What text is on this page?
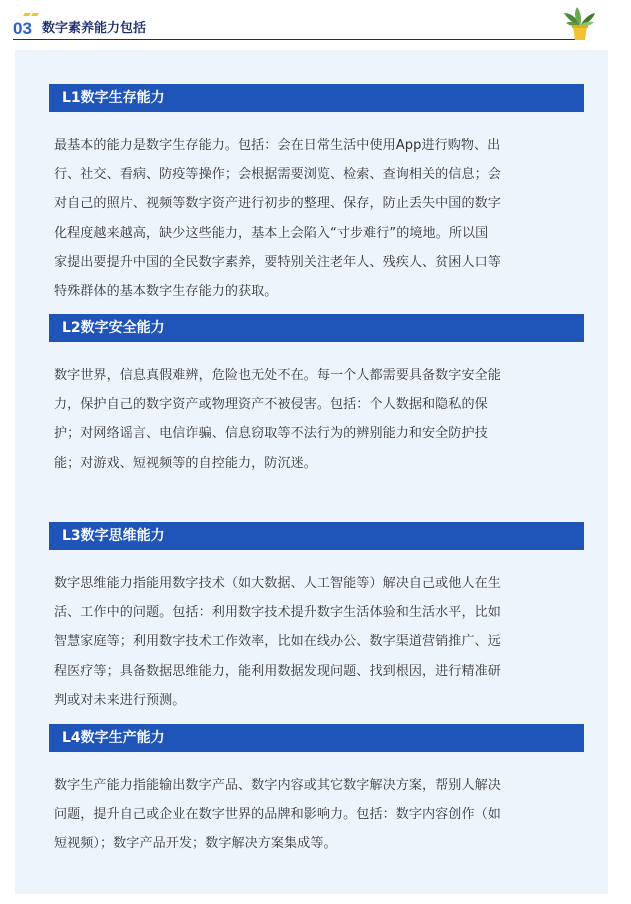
03 数字素养能力包括
L1数字生存能力
最基本的能力是数字生存能力。包括：会在日常生活中使用App进行购物、出
行、社交、看病、防疫等操作；会根据需要浏览、检索、查询相关的信息；会
对自己的照片、视频等数字资产进行初步的整理、保存，防止丢失中国的数字
化程度越来越高，缺少这些能力，基本上会陷入“寸步难行”的境地。所以国
家提出要提升中国的全民数字素养，要特别关注老年人、残疾人、贫困人口等
特殊群体的基本数字生存能力的获取。
L2数字安全能力
数字世界，信息真假难辨，危险也无处不在。每一个人都需要具备数字安全能
力，保护自己的数字资产或物理资产不被侵害。包括：个人数据和隐私的保
护；对网络谣言、电信诈骗、信息窃取等不法行为的辨别能力和安全防护技
能；对游戏、短视频等的自控能力，防沉迷。
L3数字思维能力
数字思维能力指能用数字技术（如大数据、人工智能等）解决自己或他人在生
活、工作中的问题。包括：利用数字技术提升数字生活体验和生活水平，比如
智慧家庭等；利用数字技术工作效率，比如在线办公、数字渠道营销推广、远
程医疗等；具备数据思维能力，能利用数据发现问题、找到根因，进行精准研
判或对未来进行预测。
L4数字生产能力
数字生产能力指能输出数字产品、数字内容或其它数字解决方案，帮别人解决
问题，提升自己或企业在数字世界的品牌和影响力。包括：数字内容创作（如
短视频）；数字产品开发；数字解决方案集成等。
